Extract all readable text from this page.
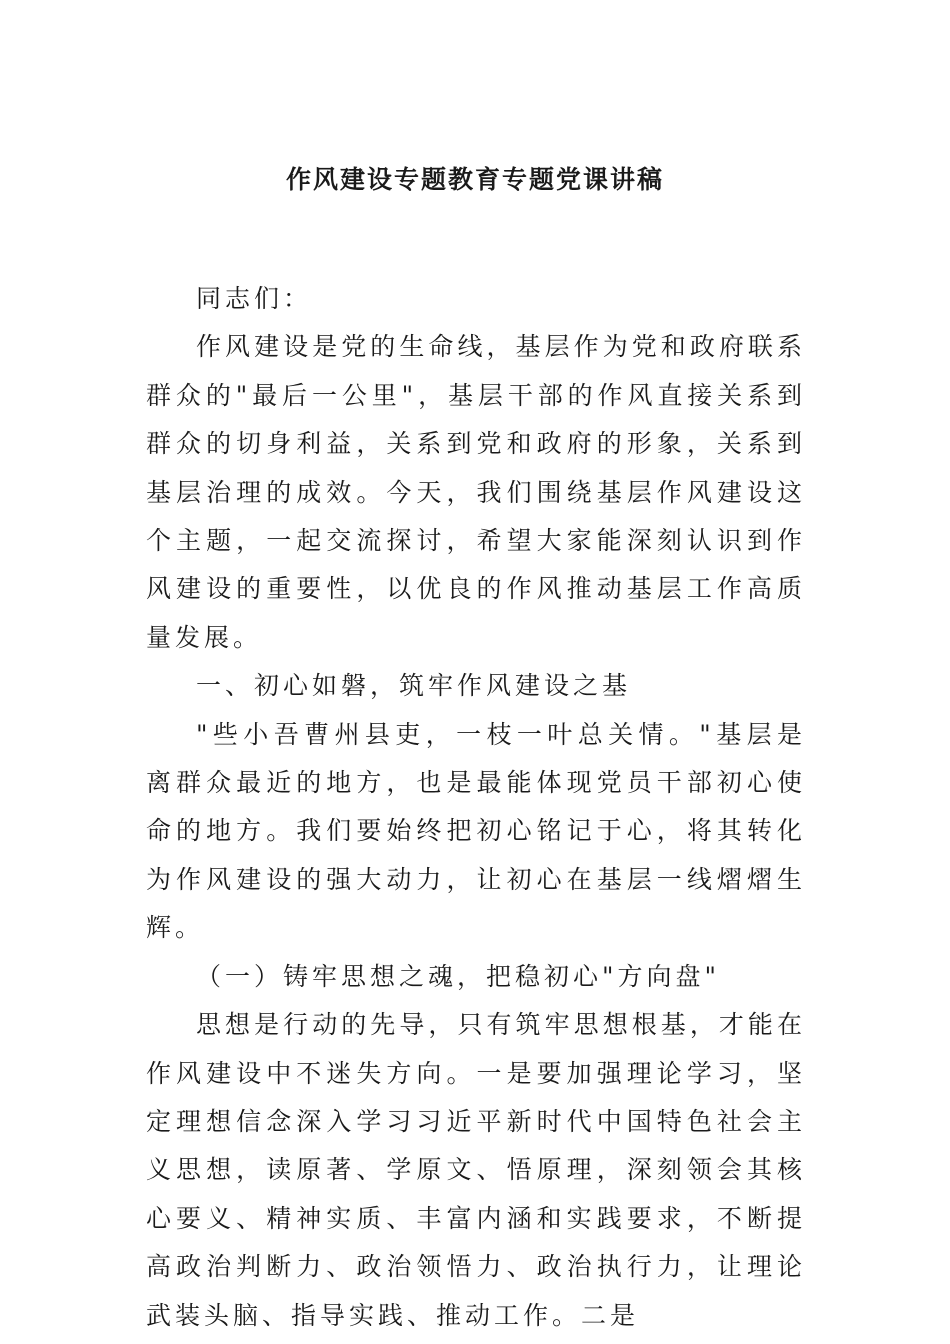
作风建设专题教育专题党课讲稿

同志们：

作风建设是党的生命线，基层作为党和政府联系群众的"最后一公里"，基层干部的作风直接关系到群众的切身利益，关系到党和政府的形象，关系到基层治理的成效。今天，我们围绕基层作风建设这个主题，一起交流探讨，希望大家能深刻认识到作风建设的重要性，以优良的作风推动基层工作高质量发展。

一、初心如磐，筑牢作风建设之基

"些小吾曹州县吏，一枝一叶总关情。"基层是离群众最近的地方，也是最能体现党员干部初心使命的地方。我们要始终把初心铭记于心，将其转化为作风建设的强大动力，让初心在基层一线熠熠生辉。

（一）铸牢思想之魂，把稳初心"方向盘"

思想是行动的先导，只有筑牢思想根基，才能在作风建设中不迷失方向。一是要加强理论学习，坚定理想信念深入学习习近平新时代中国特色社会主义思想，读原著、学原文、悟原理，深刻领会其核心要义、精神实质、丰富内涵和实践要求，不断提高政治判断力、政治领悟力、政治执行力，让理论武装头脑、指导实践、推动工作。二是
